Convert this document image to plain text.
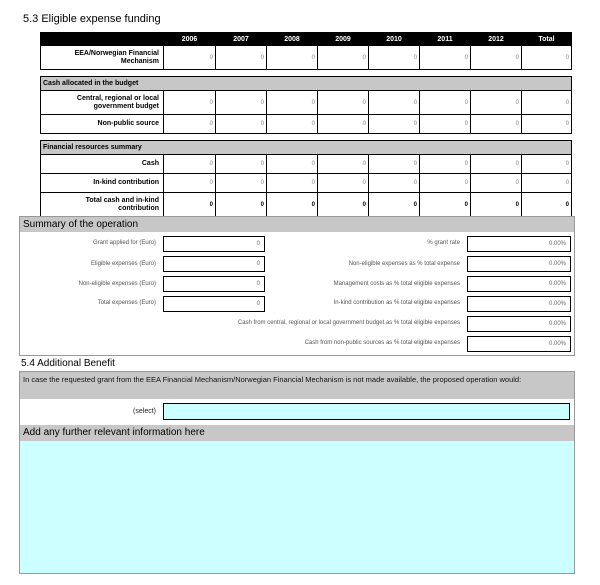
5.3 Eligible expense funding
	2006	2007	2008	2009	2010	2011	2012	Total
EEA/Norwegian Financial Mechanism	0	0	0	0	0	0	0	0

Cash allocated in the budget								
Central, regional or local government budget	0	0	0	0	0	0	0	0
Non-public source	0	0	0	0	0	0	0	0

Financial resources summary								
Cash	0	0	0	0	0	0	0	0
In-kind contribution	0	0	0	0	0	0	0	0
Total cash and in-kind contribution	0	0	0	0	0	0	0	0
Summary of the operation
Grant applied for (Euro)	0
Eligible expenses (Euro)	0
Non-eligible expenses (Euro)	0
Total expenses (Euro)	0
% grant rate	0.00%
Non-eligible expenses as % total expense	0.00%
Management costs as % total eligible expenses	0.00%
In-kind contribution as % total eligible expenses	0.00%
Cash from central, regional or local government budget as % total eligible expenses	0.00%
Cash from non-public sources as % total eligible expenses	0.00%
5.4 Additional Benefit
In case the requested grant from the EEA Financial Mechanism/Norwegian Financial Mechanism is not made available, the proposed operation would:
(select)
Add any further relevant information here
